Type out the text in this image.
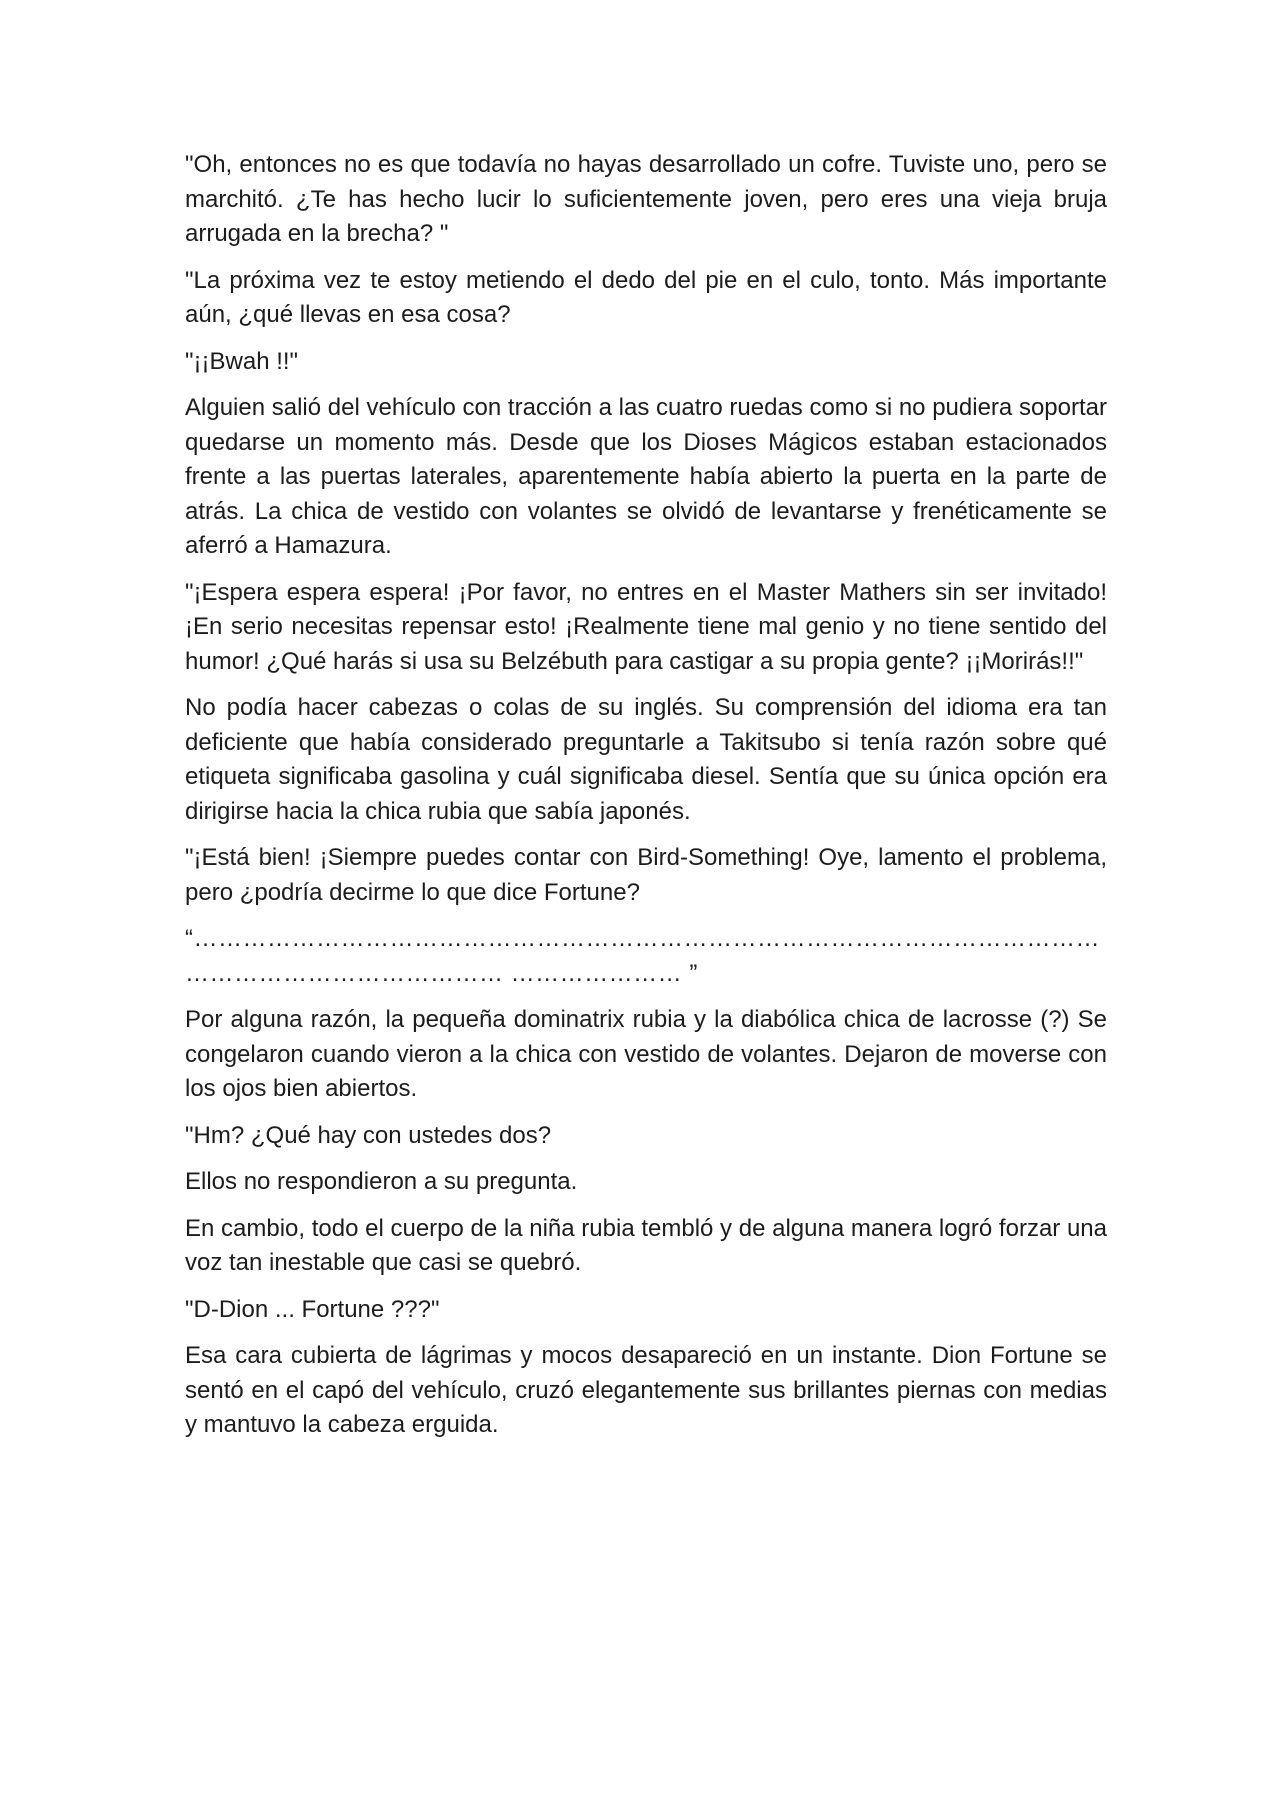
"Oh, entonces no es que todavía no hayas desarrollado un cofre. Tuviste uno, pero se marchitó. ¿Te has hecho lucir lo suficientemente joven, pero eres una vieja bruja arrugada en la brecha? "

"La próxima vez te estoy metiendo el dedo del pie en el culo, tonto. Más importante aún, ¿qué llevas en esa cosa?

"¡¡Bwah !!"

Alguien salió del vehículo con tracción a las cuatro ruedas como si no pudiera soportar quedarse un momento más. Desde que los Dioses Mágicos estaban estacionados frente a las puertas laterales, aparentemente había abierto la puerta en la parte de atrás. La chica de vestido con volantes se olvidó de levantarse y frenéticamente se aferró a Hamazura.

"¡Espera espera espera! ¡Por favor, no entres en el Master Mathers sin ser invitado! ¡En serio necesitas repensar esto! ¡Realmente tiene mal genio y no tiene sentido del humor! ¿Qué harás si usa su Belzébuth para castigar a su propia gente? ¡¡Morirás!!"

No podía hacer cabezas o colas de su inglés. Su comprensión del idioma era tan deficiente que había considerado preguntarle a Takitsubo si tenía razón sobre qué etiqueta significaba gasolina y cuál significaba diesel. Sentía que su única opción era dirigirse hacia la chica rubia que sabía japonés.

"¡Está bien! ¡Siempre puedes contar con Bird-Something! Oye, lamento el problema, pero ¿podría decirme lo que dice Fortune?

“…………………………………………………………………………………………………………………………………… ………………… ”

Por alguna razón, la pequeña dominatrix rubia y la diabólica chica de lacrosse (?) Se congelaron cuando vieron a la chica con vestido de volantes. Dejaron de moverse con los ojos bien abiertos.

"Hm? ¿Qué hay con ustedes dos?

Ellos no respondieron a su pregunta.

En cambio, todo el cuerpo de la niña rubia tembló y de alguna manera logró forzar una voz tan inestable que casi se quebró.

"D-Dion ... Fortune ???"

Esa cara cubierta de lágrimas y mocos desapareció en un instante. Dion Fortune se sentó en el capó del vehículo, cruzó elegantemente sus brillantes piernas con medias y mantuvo la cabeza erguida.
